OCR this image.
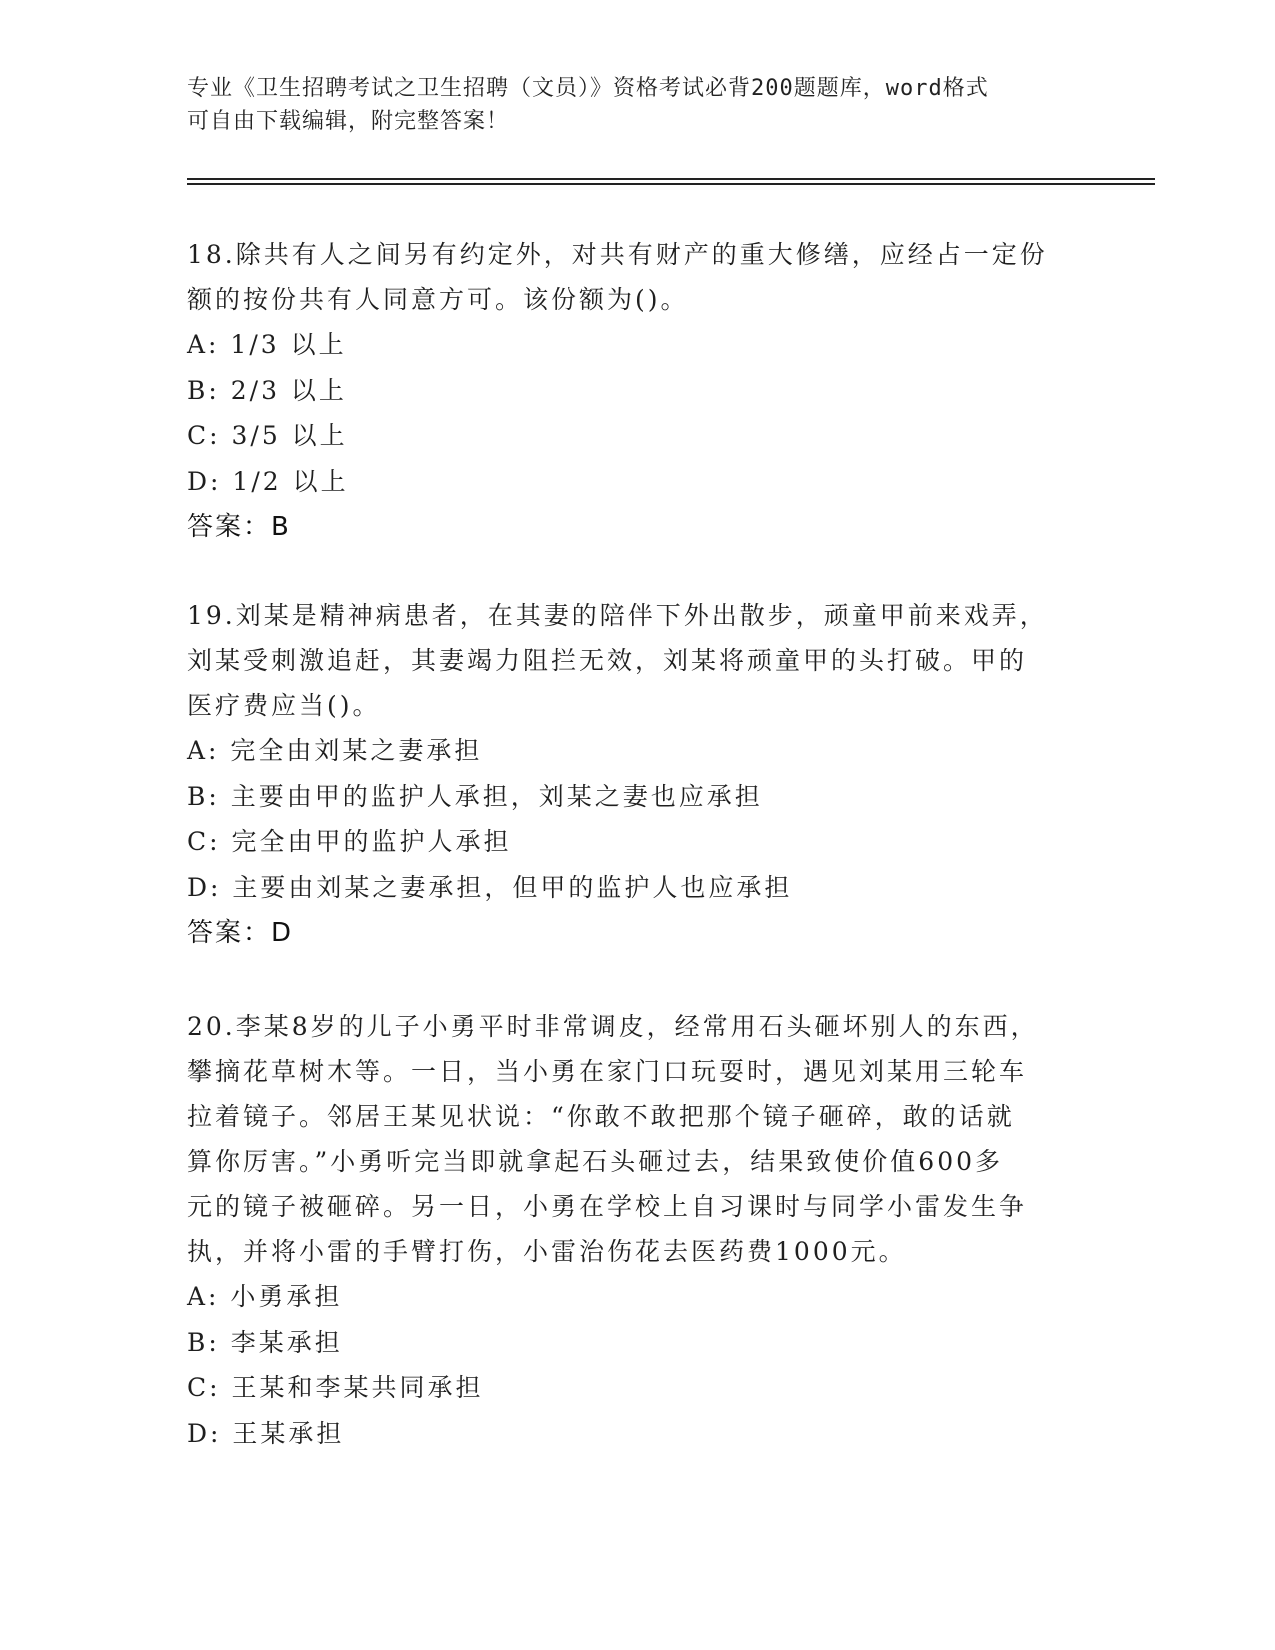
专业《卫生招聘考试之卫生招聘（文员）》资格考试必背200题题库，word格式
可自由下载编辑，附完整答案！
18.除共有人之间另有约定外，对共有财产的重大修缮，应经占一定份
额的按份共有人同意方可。该份额为()。
A: 1/3 以上
B: 2/3 以上
C: 3/5 以上
D: 1/2 以上
答案：B
19.刘某是精神病患者，在其妻的陪伴下外出散步，顽童甲前来戏弄，
刘某受刺激追赶，其妻竭力阻拦无效，刘某将顽童甲的头打破。甲的
医疗费应当()。
A: 完全由刘某之妻承担
B: 主要由甲的监护人承担，刘某之妻也应承担
C: 完全由甲的监护人承担
D: 主要由刘某之妻承担，但甲的监护人也应承担
答案：D
20.李某8岁的儿子小勇平时非常调皮，经常用石头砸坏别人的东西，
攀摘花草树木等。一日，当小勇在家门口玩耍时，遇见刘某用三轮车
拉着镜子。邻居王某见状说：“你敢不敢把那个镜子砸碎，敢的话就
算你厉害。”小勇听完当即就拿起石头砸过去，结果致使价值600多
元的镜子被砸碎。另一日，小勇在学校上自习课时与同学小雷发生争
执，并将小雷的手臂打伤，小雷治伤花去医药费1000元。
A: 小勇承担
B: 李某承担
C: 王某和李某共同承担
D: 王某承担
